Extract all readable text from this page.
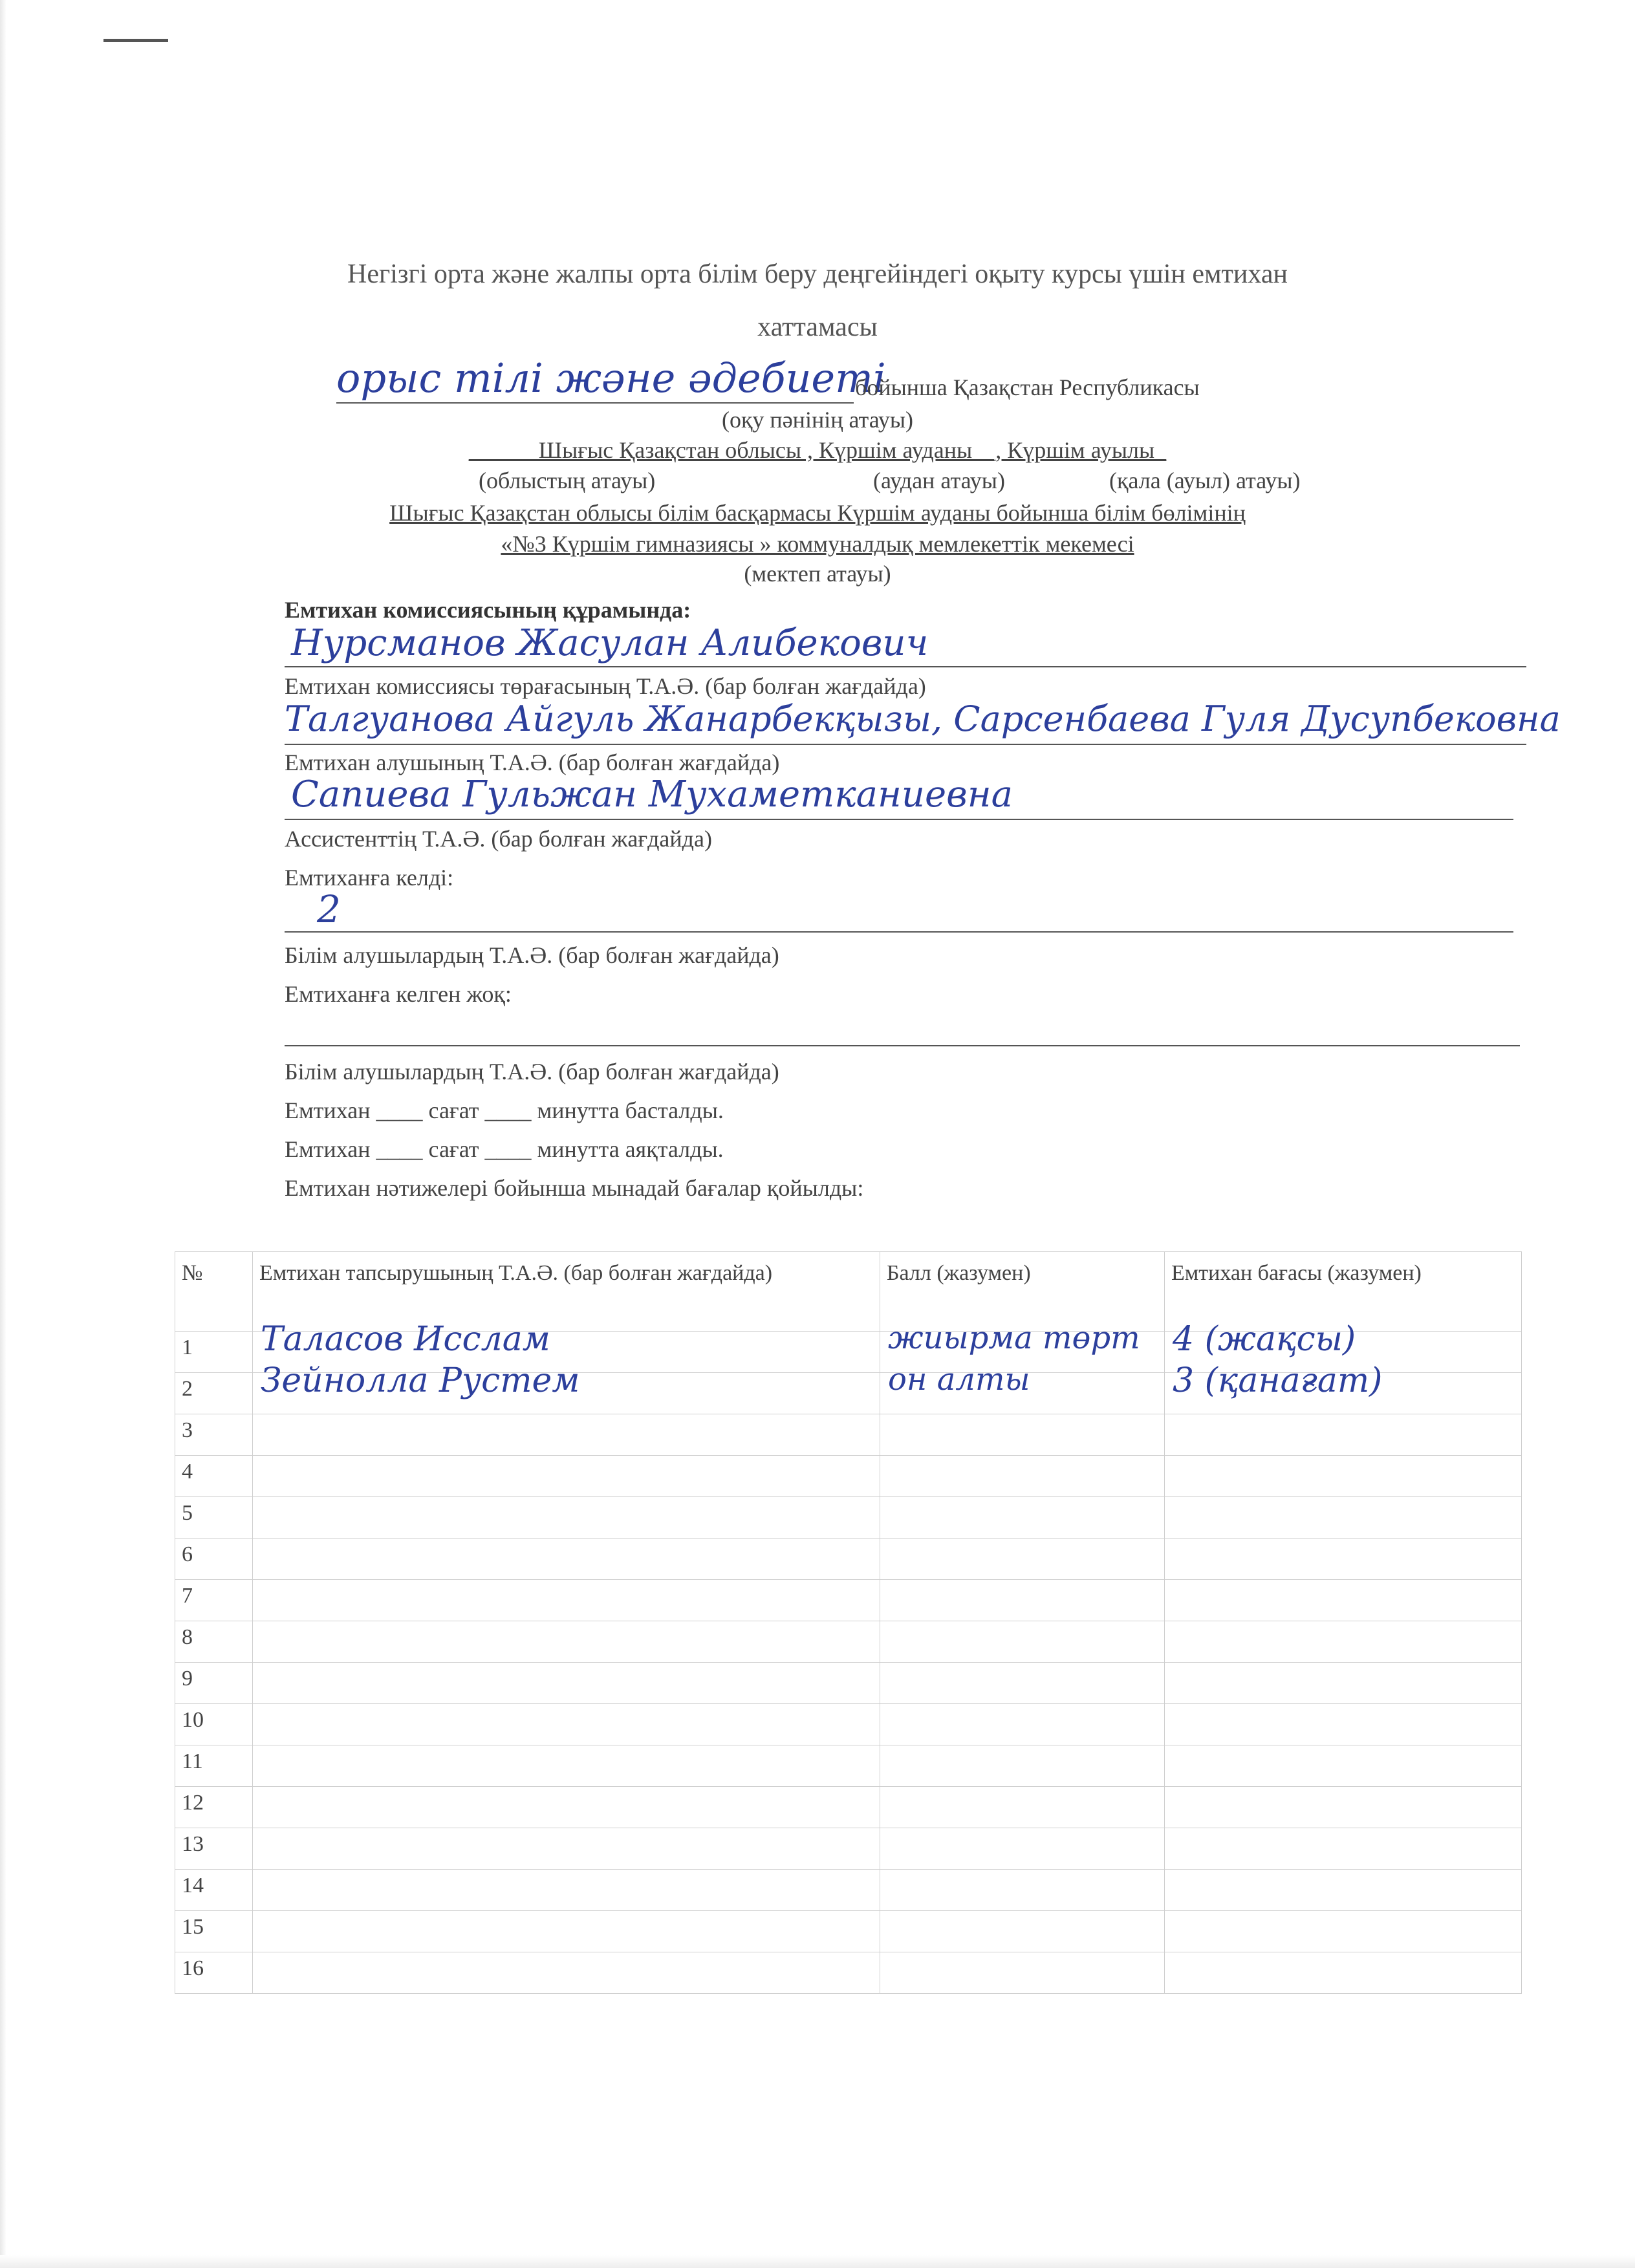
Негізгі орта және жалпы орта білім беру деңгейіндегі оқыту курсы үшін емтихан
хаттамасы
орыс тілі және әдебиеті
бойынша Қазақстан Республикасы
(оқу пәнінің атауы)
______Шығыс Қазақстан облысы , Күршім ауданы__, Күршім ауылы_
(облыстың атауы)	(аудан атауы)	(қала (ауыл) атауы)
Шығыс Қазақстан облысы білім басқармасы Күршім ауданы бойынша білім бөлімінің
«№3 Күршім гимназиясы » коммуналдық мемлекеттік мекемесі
(мектеп атауы)
Емтихан комиссиясының құрамында:
Нурсманов Жасулан Алибекович
Емтихан комиссиясы төрағасының Т.А.Ә. (бар болған жағдайда)
Талгуанова Айгуль Жанарбекқызы, Сарсенбаева Гуля Дусупбековна
Емтихан алушының Т.А.Ә. (бар болған жағдайда)
Сапиева Гульжан Мухаметканиевна
Ассистенттің Т.А.Ә. (бар болған жағдайда)
Емтиханға келді:
2
Білім алушылардың Т.А.Ә. (бар болған жағдайда)
Емтиханға келген жоқ:
Білім алушылардың Т.А.Ә. (бар болған жағдайда)
Емтихан ____ сағат ____ минутта басталды.
Емтихан ____ сағат ____ минутта аяқталды.
Емтихан нәтижелері бойынша мынадай бағалар қойылды:
№	Емтихан тапсырушының Т.А.Ә. (бар болған жағдайда)	Балл (жазумен)	Емтихан бағасы (жазумен)
1	Таласов Исслам	жиырма төрт	4 (жақсы)

2	Зейнолла Рустем	он алты	3 (қанағат)

3			
4			
5			
6			
7			
8			
9			
10			
11			
12			
13			
14			
15			
16			
